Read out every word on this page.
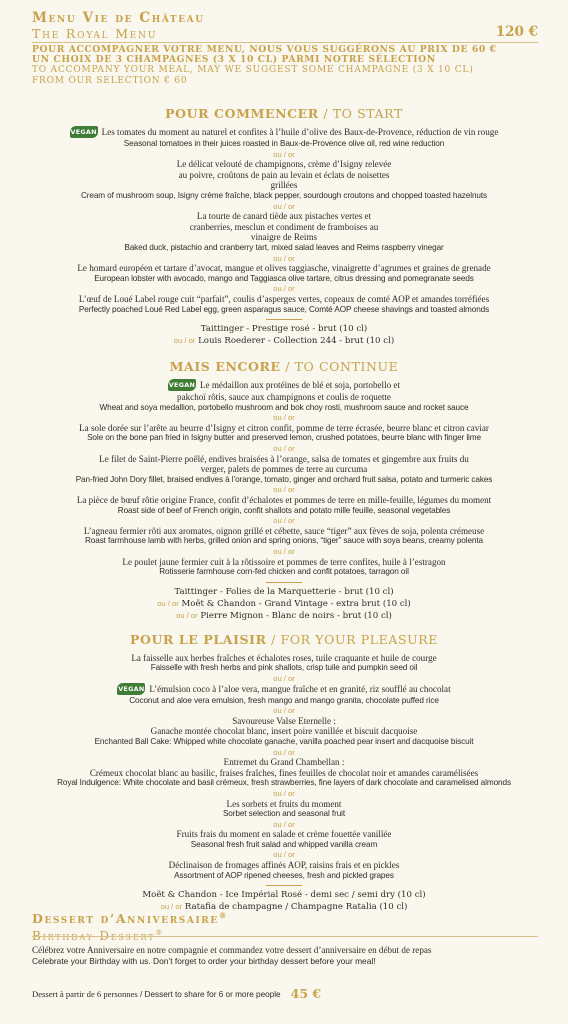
Menu Vie de Château
The Royal Menu	120 €
POUR ACCOMPAGNER VOTRE MENU, NOUS VOUS SUGGÉRONS AU PRIX DE 60 €
UN CHOIX DE 3 CHAMPAGNES (3 X 10 CL) PARMI NOTRE SÉLECTION
TO ACCOMPANY YOUR MEAL, MAY WE SUGGEST SOME CHAMPAGNE (3 X 10 CL)
FROM OUR SELECTION € 60
POUR COMMENCER / TO START
VEGAN Les tomates du moment au naturel et confites à l’huile d’olive des Baux-de-Provence, réduction de vin rouge
Seasonal tomatoes in their juices roasted in Baux-de-Provence olive oil, red wine reduction
ou / or
Le délicat velouté de champignons, crème d’Isigny relevée au poivre, croûtons de pain au levain et éclats de noisettes grillées
Cream of mushroom soup, Isigny crème fraîche, black pepper, sourdough croutons and chopped toasted hazelnuts
ou / or
La tourte de canard tiède aux pistaches vertes et cranberries, mesclun et condiment de framboises au vinaigre de Reims
Baked duck, pistachio and cranberry tart, mixed salad leaves and Reims raspberry vinegar
ou / or
Le homard européen et tartare d’avocat, mangue et olives taggiasche, vinaigrette d’agrumes et graines de grenade
European lobster with avocado, mango and Taggiasca olive tartare, citrus dressing and pomegranate seeds
ou / or
L’œuf de Loué Label rouge cuit “parfait”, coulis d’asperges vertes, copeaux de comté AOP et amandes torréfiées
Perfectly poached Loué Red Label egg, green asparagus sauce, Comté AOP cheese shavings and toasted almonds
Taittinger - Prestige rosé - brut (10 cl)
ou / or Louis Roederer - Collection 244 - brut (10 cl)
MAIS ENCORE / TO CONTINUE
VEGAN Le médaillon aux protéines de blé et soja, portobello et pakchoï rôtis, sauce aux champignons et coulis de roquette
Wheat and soya medallion, portobello mushroom and bok choy rosti, mushroom sauce and rocket sauce
ou / or
La sole dorée sur l’arête au beurre d’Isigny et citron confit, pomme de terre écrasée, beurre blanc et citron caviar
Sole on the bone pan fried in Isigny butter and preserved lemon, crushed potatoes, beurre blanc with finger lime
ou / or
Le filet de Saint-Pierre poêlé, endives braisées à l’orange, salsa de tomates et gingembre aux fruits du verger, palets de pommes de terre au curcuma
Pan-fried John Dory fillet, braised endives à l’orange, tomato, ginger and orchard fruit salsa, potato and turmeric cakes
ou / or
La pièce de bœuf rôtie origine France, confit d’échalotes et pommes de terre en mille-feuille, légumes du moment
Roast side of beef of French origin, confit shallots and potato mille feuille, seasonal vegetables
ou / or
L’agneau fermier rôti aux aromates, oignon grillé et cébette, sauce “tiger” aux fèves de soja, polenta crémeuse
Roast farmhouse lamb with herbs, grilled onion and spring onions, “tiger” sauce with soya beans, creamy polenta
ou / or
Le poulet jaune fermier cuit à la rôtissoire et pommes de terre confites, huile à l’estragon
Rotisserie farmhouse corn-fed chicken and confit potatoes, tarragon oil
Taittinger - Folies de la Marquetterie - brut (10 cl)
ou / or Moët & Chandon - Grand Vintage - extra brut (10 cl)
ou / or Pierre Mignon - Blanc de noirs - brut (10 cl)
POUR LE PLAISIR / FOR YOUR PLEASURE
La faisselle aux herbes fraîches et échalotes roses, tuile craquante et huile de courge
Faisselle with fresh herbs and pink shallots, crisp tuile and pumpkin seed oil
ou / or
VEGAN L’émulsion coco à l’aloe vera, mangue fraîche et en granité, riz soufflé au chocolat
Coconut and aloe vera emulsion, fresh mango and mango granita, chocolate puffed rice
ou / or
Savoureuse Valse Eternelle :
Ganache montée chocolat blanc, insert poire vanillée et biscuit dacquoise
Enchanted Ball Cake: Whipped white chocolate ganache, vanilla poached pear insert and dacquoise biscuit
ou / or
Entremet du Grand Chambellan :
Crémeux chocolat blanc au basilic, fraises fraîches, fines feuilles de chocolat noir et amandes caramélisées
Royal Indulgence: White chocolate and basil crémeux, fresh strawberries, fine layers of dark chocolate and caramelised almonds
ou / or
Les sorbets et fruits du moment
Sorbet selection and seasonal fruit
ou / or
Fruits frais du moment en salade et crème fouettée vanillée
Seasonal fresh fruit salad and whipped vanilla cream
ou / or
Déclinaison de fromages affinés AOP, raisins frais et en pickles
Assortment of AOP ripened cheeses, fresh and pickled grapes
Moët & Chandon - Ice Impérial Rosé - demi sec / semi dry (10 cl)
ou / or Ratafia de champagne / Champagne Ratalia (10 cl)
Dessert d’Anniversaire®
Birthday Dessert®
Célébrez votre Anniversaire en notre compagnie et commandez votre dessert d’anniversaire en début de repas
Celebrate your Birthday with us. Don’t forget to order your birthday dessert before your meal!
Dessert à partir de 6 personnes / Dessert to share for 6 or more people 45 €
